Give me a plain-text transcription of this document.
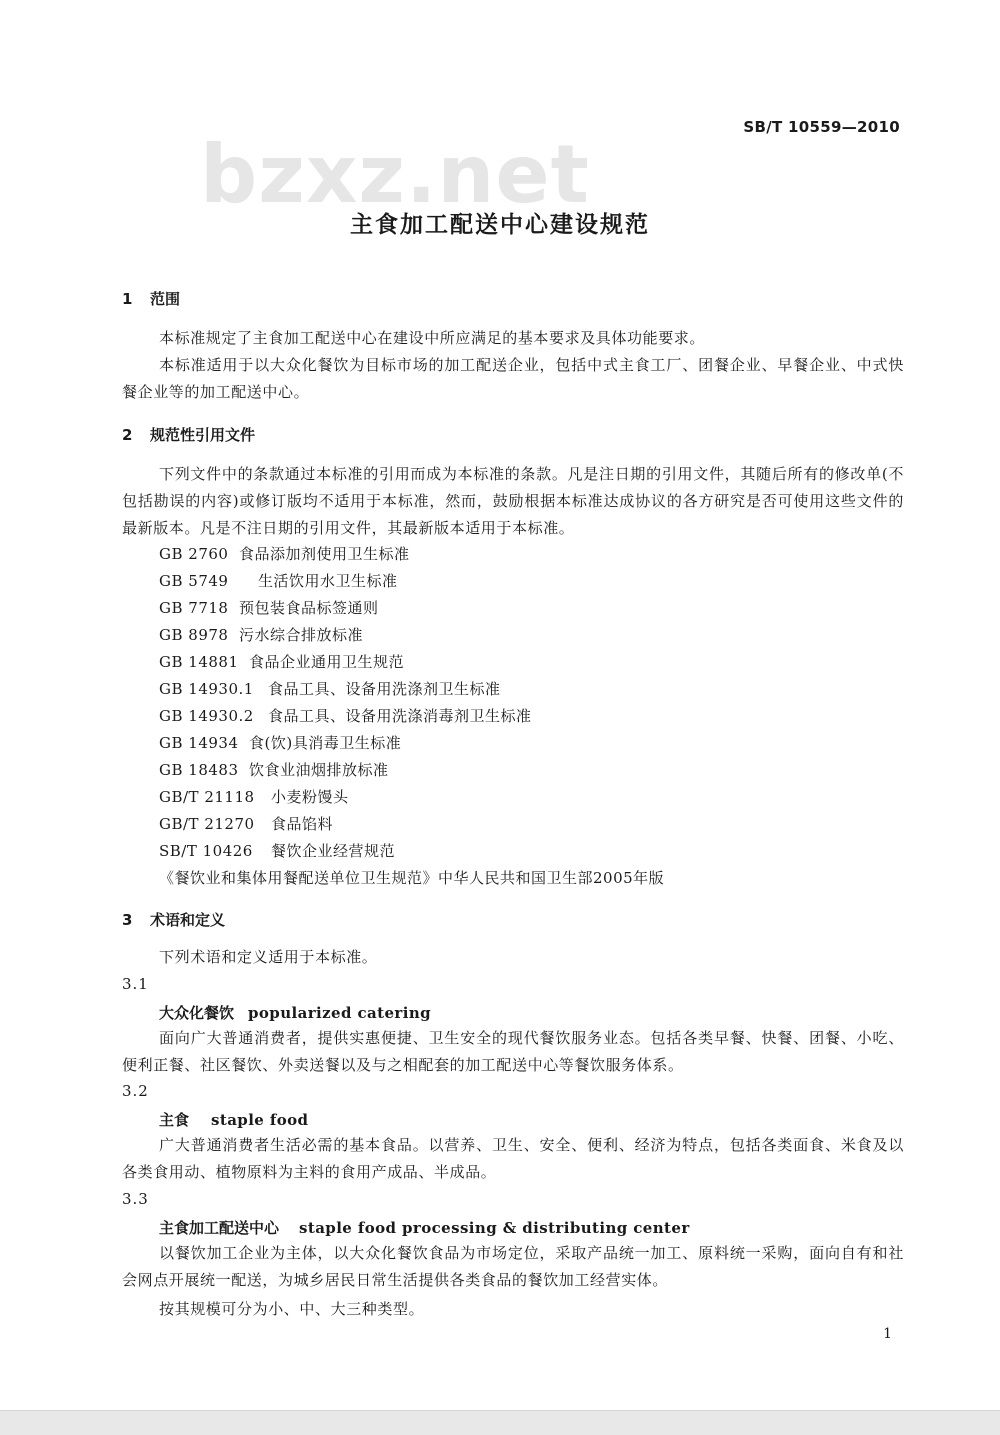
bzxz.net
SB/T 10559—2010
主食加工配送中心建设规范
1 范围
本标准规定了主食加工配送中心在建设中所应满足的基本要求及具体功能要求。
本标准适用于以大众化餐饮为目标市场的加工配送企业，包括中式主食工厂、团餐企业、早餐企业、中式快餐企业等的加工配送中心。
2 规范性引用文件
下列文件中的条款通过本标准的引用而成为本标准的条款。凡是注日期的引用文件，其随后所有的修改单(不包括勘误的内容)或修订版均不适用于本标准，然而，鼓励根据本标准达成协议的各方研究是否可使用这些文件的最新版本。凡是不注日期的引用文件，其最新版本适用于本标准。
GB 2760 食品添加剂使用卫生标准
GB 5749 生活饮用水卫生标准
GB 7718 预包装食品标签通则
GB 8978 污水综合排放标准
GB 14881 食品企业通用卫生规范
GB 14930.1 食品工具、设备用洗涤剂卫生标准
GB 14930.2 食品工具、设备用洗涤消毒剂卫生标准
GB 14934 食(饮)具消毒卫生标准
GB 18483 饮食业油烟排放标准
GB/T 21118 小麦粉馒头
GB/T 21270 食品馅料
SB/T 10426 餐饮企业经营规范
《餐饮业和集体用餐配送单位卫生规范》中华人民共和国卫生部2005年版
3 术语和定义
下列术语和定义适用于本标准。
3.1
大众化餐饮 popularized catering
面向广大普通消费者，提供实惠便捷、卫生安全的现代餐饮服务业态。包括各类早餐、快餐、团餐、小吃、便利正餐、社区餐饮、外卖送餐以及与之相配套的加工配送中心等餐饮服务体系。
3.2
主食 staple food
广大普通消费者生活必需的基本食品。以营养、卫生、安全、便利、经济为特点，包括各类面食、米食及以各类食用动、植物原料为主料的食用产成品、半成品。
3.3
主食加工配送中心 staple food processing & distributing center
以餐饮加工企业为主体，以大众化餐饮食品为市场定位，采取产品统一加工、原料统一采购，面向自有和社会网点开展统一配送，为城乡居民日常生活提供各类食品的餐饮加工经营实体。
按其规模可分为小、中、大三种类型。
1
